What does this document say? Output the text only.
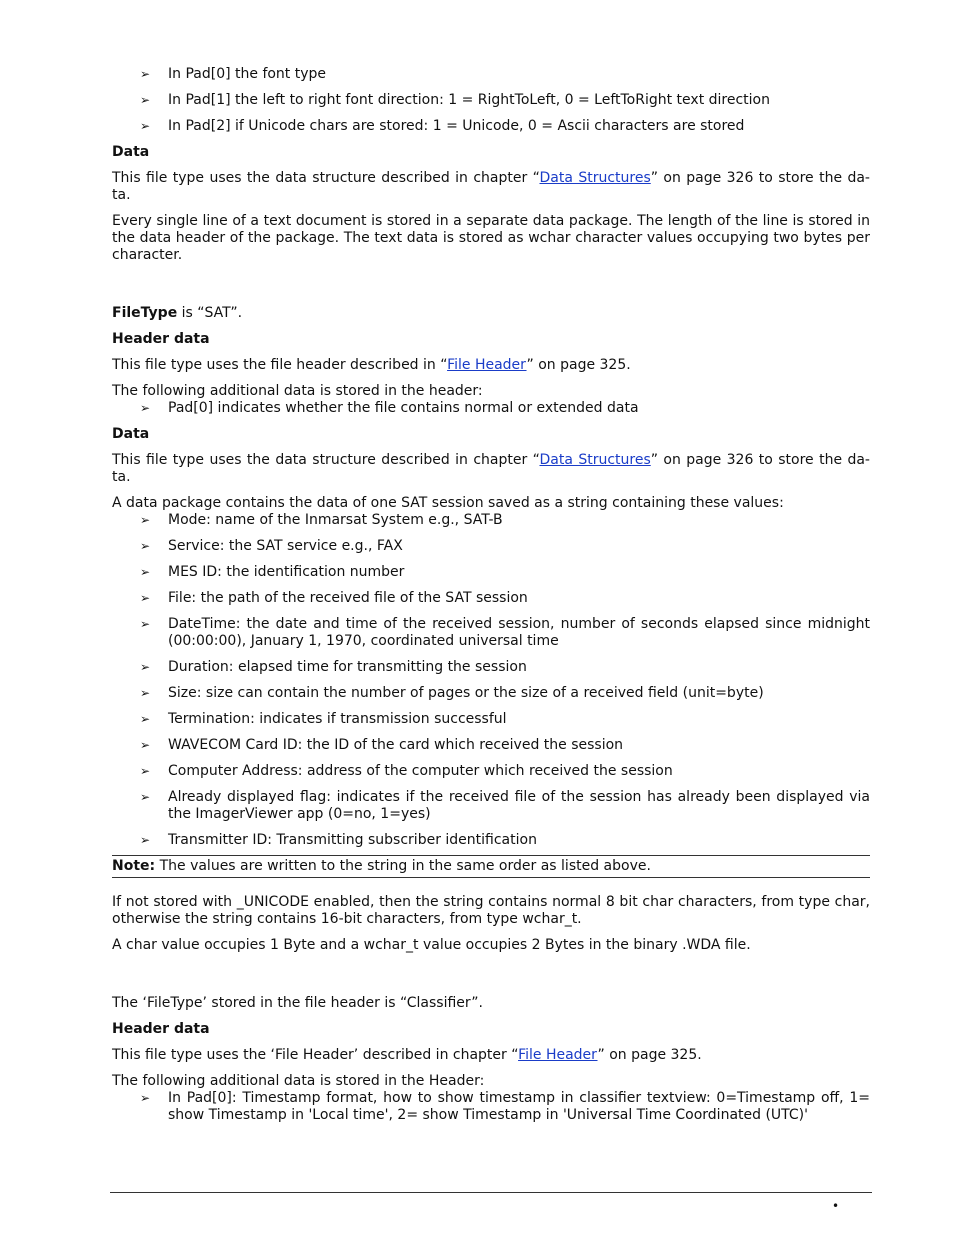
➢ In Pad[0] the font type
➢ In Pad[1] the left to right font direction: 1 = RightToLeft, 0 = LeftToRight text direction
➢ In Pad[2] if Unicode chars are stored: 1 = Unicode, 0 = Ascii characters are stored

Data

This file type uses the data structure described in chapter “Data Structures” on page 326 to store the da-ta.

Every single line of a text document is stored in a separate data package. The length of the line is stored in the data header of the package. The text data is stored as wchar character values occupying two bytes per character.

FileType is “SAT”.

Header data

This file type uses the file header described in “File Header” on page 325.

The following additional data is stored in the header:

➢ Pad[0] indicates whether the file contains normal or extended data

Data

This file type uses the data structure described in chapter “Data Structures” on page 326 to store the da-ta.

A data package contains the data of one SAT session saved as a string containing these values:

➢ Mode: name of the Inmarsat System e.g., SAT-B
➢ Service: the SAT service e.g., FAX
➢ MES ID: the identification number
➢ File: the path of the received file of the SAT session
➢ DateTime: the date and time of the received session, number of seconds elapsed since midnight (00:00:00), January 1, 1970, coordinated universal time
➢ Duration: elapsed time for transmitting the session
➢ Size: size can contain the number of pages or the size of a received field (unit=byte)
➢ Termination: indicates if transmission successful
➢ WAVECOM Card ID: the ID of the card which received the session
➢ Computer Address: address of the computer which received the session
➢ Already displayed flag: indicates if the received file of the session has already been displayed via the ImagerViewer app (0=no, 1=yes)
➢ Transmitter ID: Transmitting subscriber identification
Note: The values are written to the string in the same order as listed above.

If not stored with _UNICODE enabled, then the string contains normal 8 bit char characters, from type char, otherwise the string contains 16-bit characters, from type wchar_t.

A char value occupies 1 Byte and a wchar_t value occupies 2 Bytes in the binary .WDA file.

The ‘FileType’ stored in the file header is “Classifier”.

Header data

This file type uses the ‘File Header’ described in chapter “File Header” on page 325.

The following additional data is stored in the Header:

➢ In Pad[0]: Timestamp format, how to show timestamp in classifier textview: 0=Timestamp off, 1= show Timestamp in 'Local time', 2= show Timestamp in 'Universal Time Coordinated (UTC)'
•
